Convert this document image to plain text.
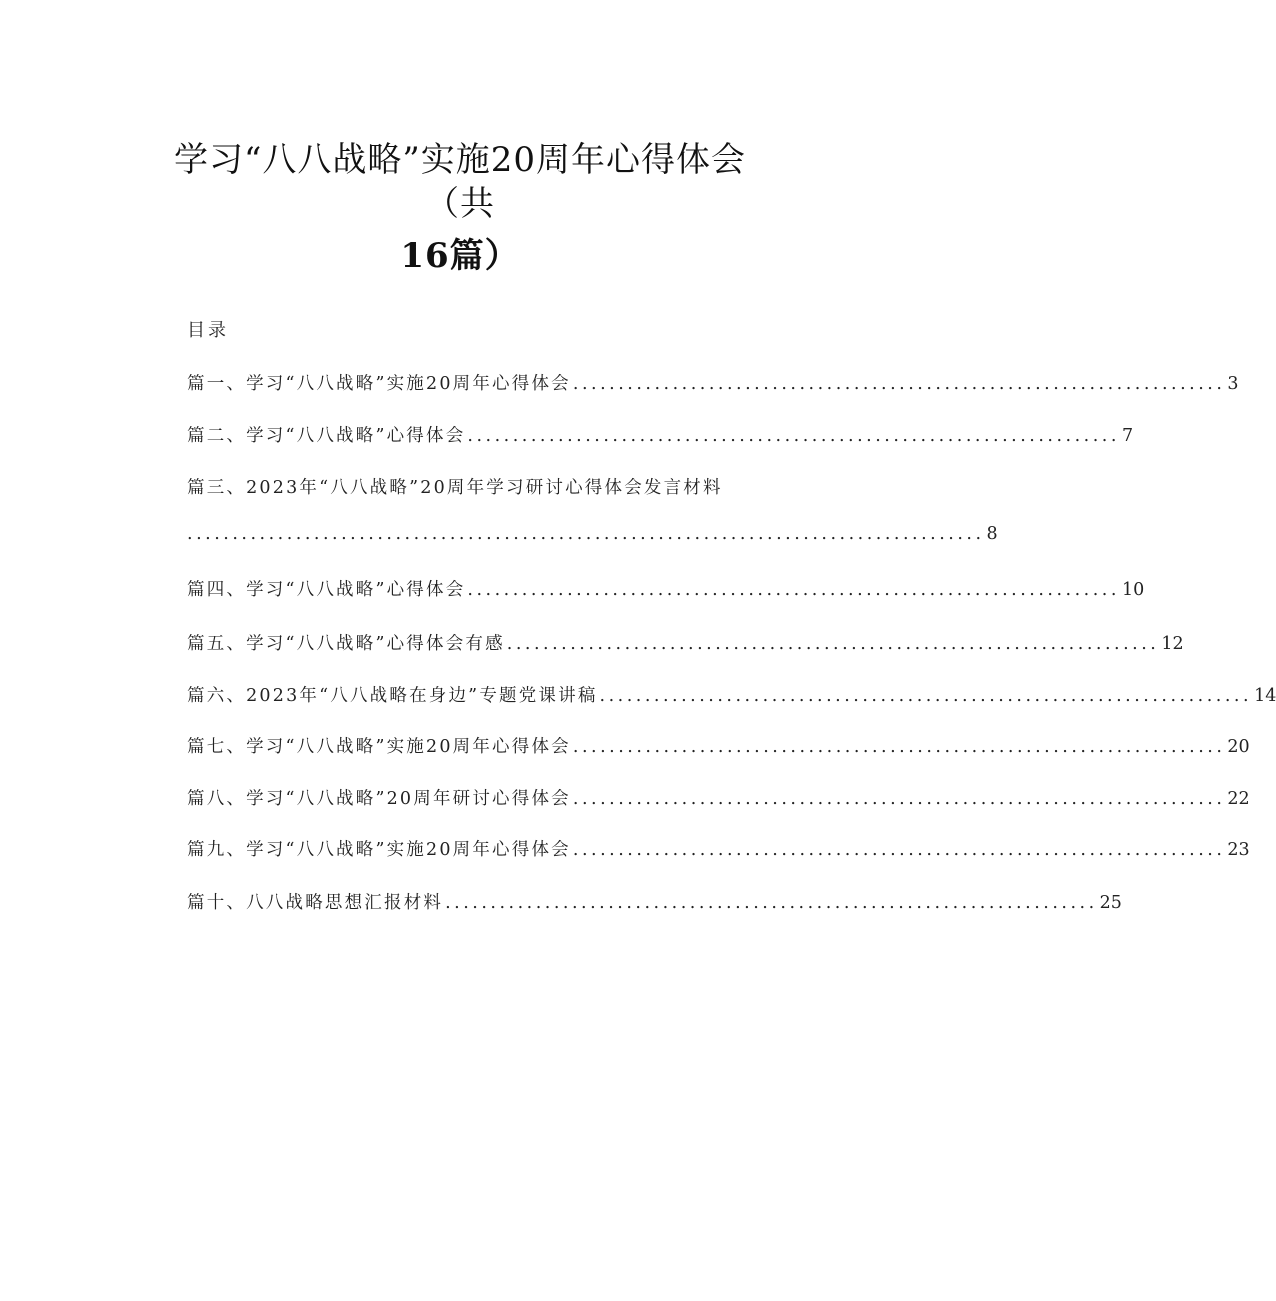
学习“八八战略”实施20周年心得体会
（共
16篇）
目录
篇一、学习“八八战略”实施20周年心得体会 ........................................................................ 3
篇二、学习“八八战略”心得体会 ........................................................................ 7
篇三、2023年“八八战略”20周年学习研讨心得体会发言材料
........................................................................................ 8
篇四、学习“八八战略”心得体会 ........................................................................ 10
篇五、学习“八八战略”心得体会有感 ........................................................................ 12
篇六、2023年“八八战略在身边”专题党课讲稿 ........................................................................ 14
篇七、学习“八八战略”实施20周年心得体会 ........................................................................ 20
篇八、学习“八八战略”20周年研讨心得体会 ........................................................................ 22
篇九、学习“八八战略”实施20周年心得体会 ........................................................................ 23
篇十、八八战略思想汇报材料 ........................................................................ 25
